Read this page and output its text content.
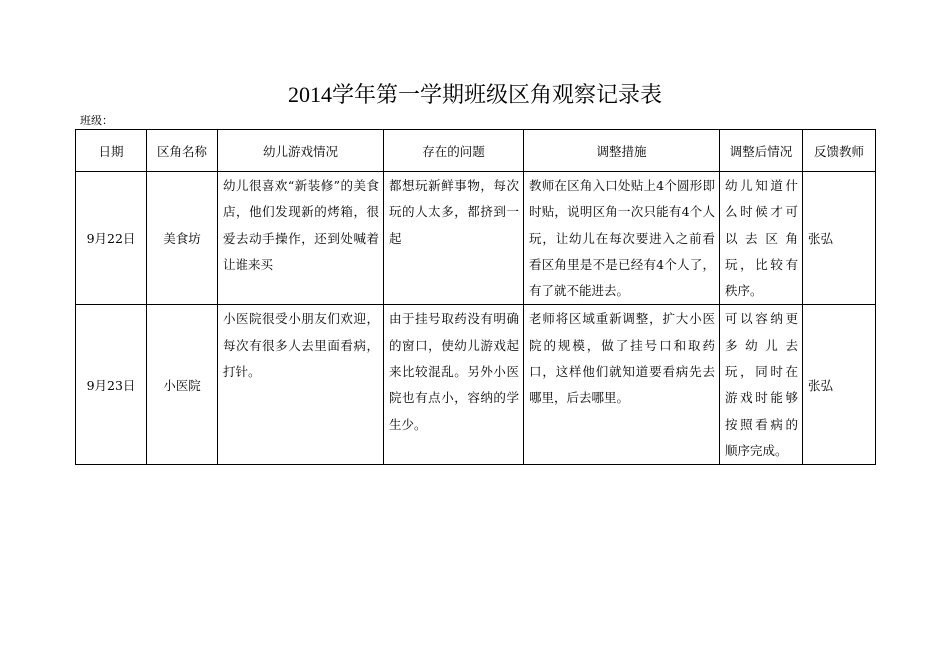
2014学年第一学期班级区角观察记录表
班级：
日期	区角名称	幼儿游戏情况	存在的问题	调整措施	调整后情况	反馈教师
9月22日	美食坊	幼儿很喜欢“新装修”的美食店，他们发现新的烤箱，很爱去动手操作，还到处喊着让谁来买	都想玩新鲜事物，每次玩的人太多，都挤到一起	教师在区角入口处贴上4个圆形即时贴，说明区角一次只能有4个人玩，让幼儿在每次要进入之前看看区角里是不是已经有4个人了，有了就不能进去。	幼儿知道什么时候才可以去区角玩，比较有秩序。	张弘
9月23日	小医院	小医院很受小朋友们欢迎，每次有很多人去里面看病，打针。	由于挂号取药没有明确的窗口，使幼儿游戏起来比较混乱。另外小医院也有点小，容纳的学生少。	老师将区域重新调整，扩大小医院的规模，做了挂号口和取药口，这样他们就知道要看病先去哪里，后去哪里。	可以容纳更多幼儿去玩，同时在游戏时能够按照看病的顺序完成。	张弘
